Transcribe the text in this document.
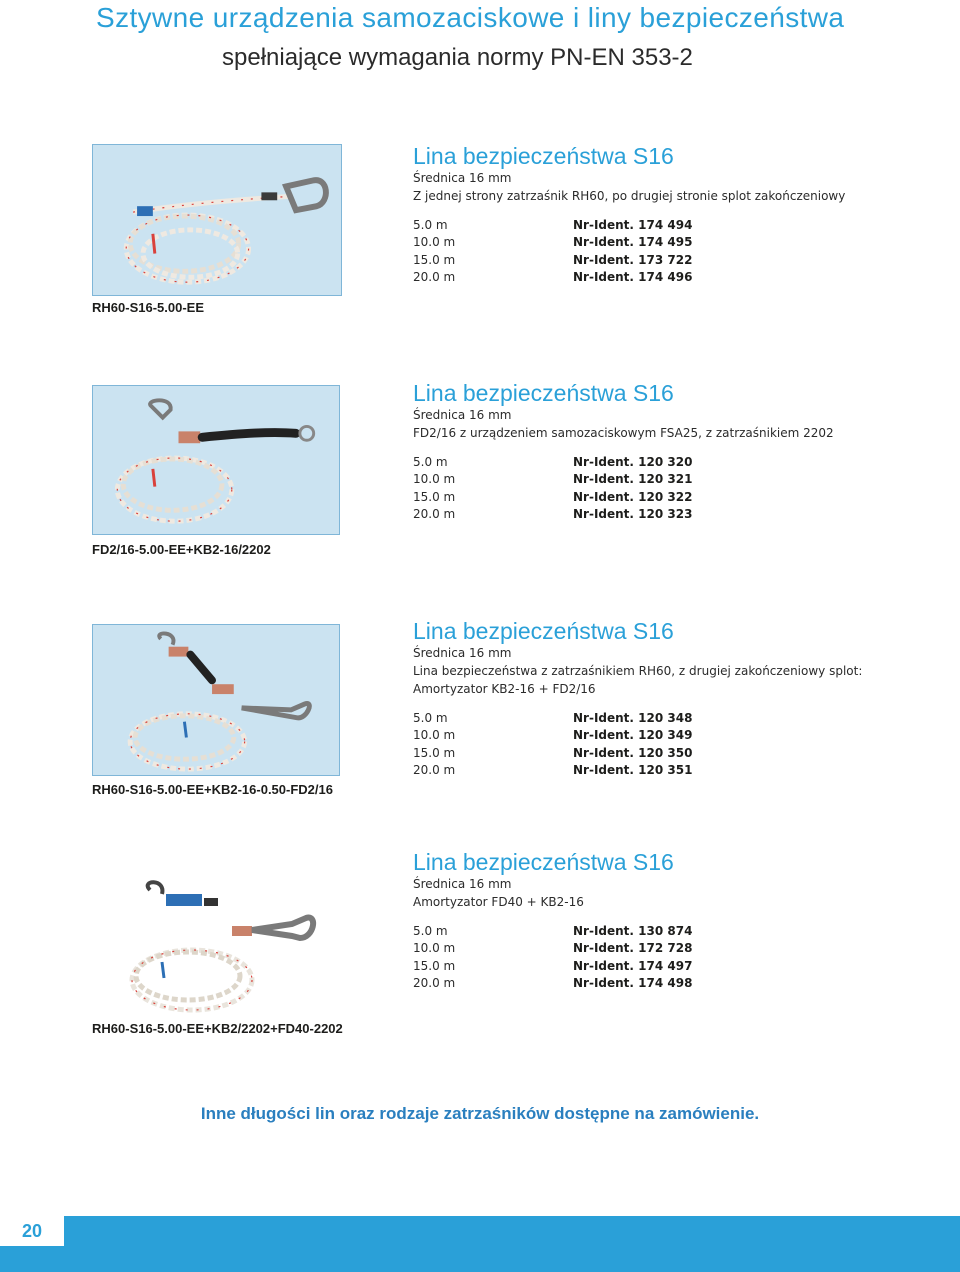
Sztywne urządzenia samozaciskowe i liny bezpieczeństwa
spełniające wymagania normy PN-EN 353-2
RH60-S16-5.00-EE
Lina bezpieczeństwa S16
Średnica 16 mm
Z jednej strony zatrzaśnik RH60, po drugiej stronie splot zakończeniowy
5.0 m	Nr-Ident. 174 494
10.0 m	Nr-Ident. 174 495
15.0 m	Nr-Ident. 173 722
20.0 m	Nr-Ident. 174 496
FD2/16-5.00-EE+KB2-16/2202
Lina bezpieczeństwa S16
Średnica 16 mm
FD2/16 z urządzeniem samozaciskowym FSA25, z zatrzaśnikiem 2202
5.0 m	Nr-Ident. 120 320
10.0 m	Nr-Ident. 120 321
15.0 m	Nr-Ident. 120 322
20.0 m	Nr-Ident. 120 323
RH60-S16-5.00-EE+KB2-16-0.50-FD2/16
Lina bezpieczeństwa S16
Średnica 16 mm
Lina bezpieczeństwa z zatrzaśnikiem RH60, z drugiej zakończeniowy splot:
Amortyzator KB2-16 + FD2/16
5.0 m	Nr-Ident. 120 348
10.0 m	Nr-Ident. 120 349
15.0 m	Nr-Ident. 120 350
20.0 m	Nr-Ident. 120 351
RH60-S16-5.00-EE+KB2/2202+FD40-2202
Lina bezpieczeństwa S16
Średnica 16 mm
Amortyzator FD40 + KB2-16
5.0 m	Nr-Ident. 130 874
10.0 m	Nr-Ident. 172 728
15.0 m	Nr-Ident. 174 497
20.0 m	Nr-Ident. 174 498
Inne długości lin oraz rodzaje zatrzaśników dostępne na zamówienie.
20
